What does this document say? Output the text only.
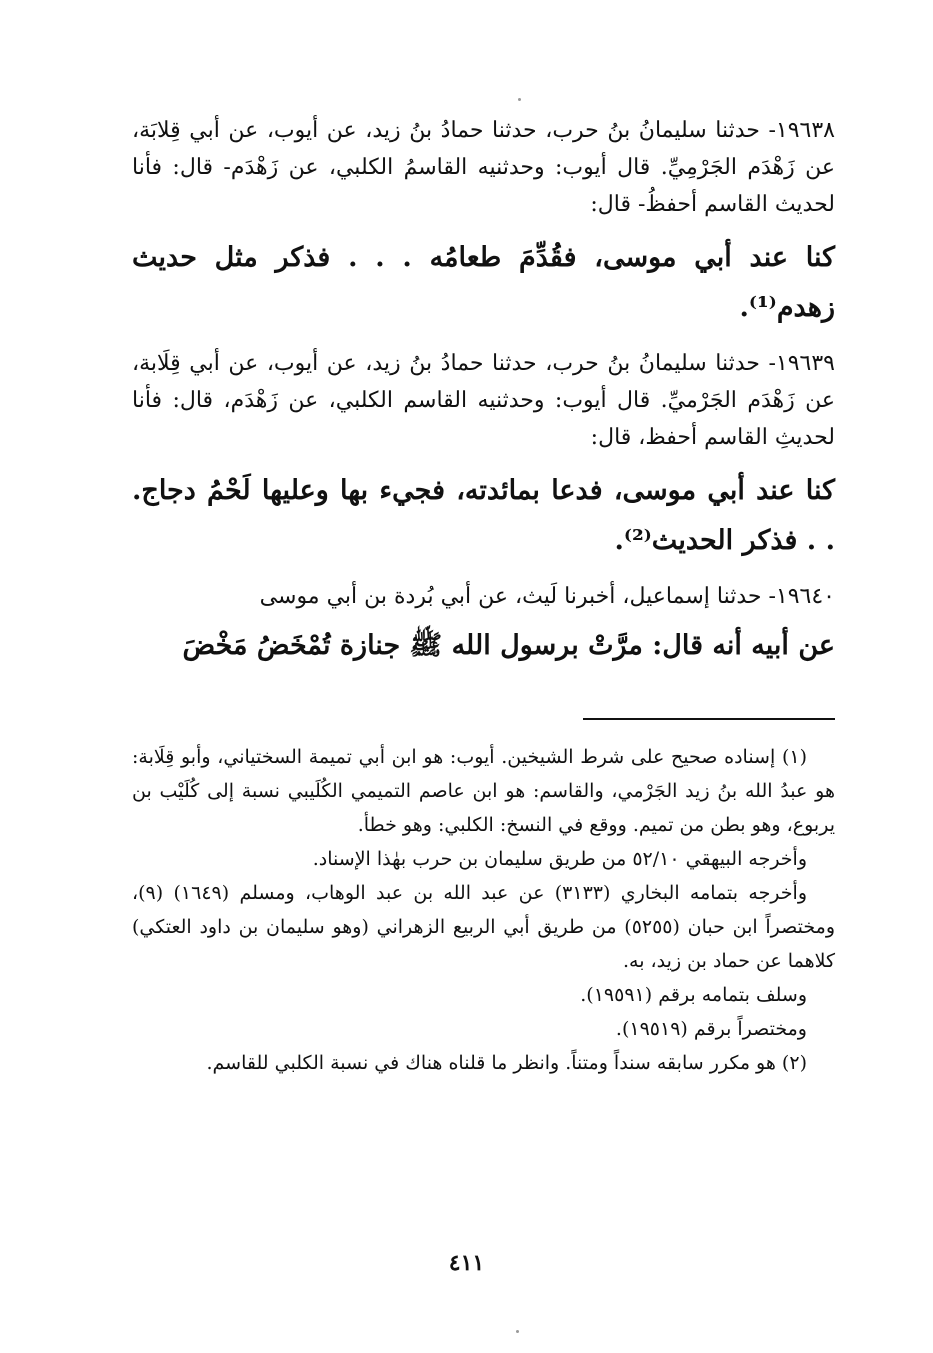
١٩٦٣٨- حدثنا سليمانُ بنُ حرب، حدثنا حمادُ بنُ زيد، عن أيوب، عن أبي قِلابَة، عن زَهْدَم الجَرْمِيِّ. قال أيوب: وحدثنيه القاسمُ الكلبي، عن زَهْدَم- قال: فأنا لحديث القاسم أحفظُ- قال:

كنا عند أبي موسى، فقُدِّمَ طعامُه . . . فذكر مثل حديث زهدم⁽¹⁾.

١٩٦٣٩- حدثنا سليمانُ بنُ حرب، حدثنا حمادُ بنُ زيد، عن أيوب، عن أبي قِلَابة، عن زَهْدَم الجَرْميِّ. قال أيوب: وحدثنيه القاسم الكلبي، عن زَهْدَم، قال: فأنا لحديثِ القاسم أحفظ، قال:

كنا عند أبي موسى، فدعا بمائدته، فجيء بها وعليها لَحْمُ دجاج. . . فذكر الحديث⁽²⁾.

١٩٦٤٠- حدثنا إسماعيل، أخبرنا لَيث، عن أبي بُردة بن أبي موسى

عن أبيه أنه قال: مرَّتْ برسول الله ﷺ جنازة تُمْخَضُ مَخْضَ

(١) إسناده صحيح على شرط الشيخين. أيوب: هو ابن أبي تميمة السختياني، وأبو قِلَابة: هو عبدُ الله بنُ زيد الجَرْمي، والقاسم: هو ابن عاصم التميمي الكُلَيبي نسبة إلى كُلَيْب بن يربوع، وهو بطن من تميم. ووقع في النسخ: الكلبي: وهو خطأ.

وأخرجه البيهقي ٥٢/١٠ من طريق سليمان بن حرب بهٰذا الإسناد.

وأخرجه بتمامه البخاري (٣١٣٣) عن عبد الله بن عبد الوهاب، ومسلم (١٦٤٩) (٩)، ومختصراً ابن حبان (٥٢٥٥) من طريق أبي الربيع الزهراني (وهو سليمان بن داود العتكي) كلاهما عن حماد بن زيد، به.

وسلف بتمامه برقم (١٩٥٩١).

ومختصراً برقم (١٩٥١٩).

(٢) هو مكرر سابقه سنداً ومتناً. وانظر ما قلناه هناك في نسبة الكلبي للقاسم.

٤١١
